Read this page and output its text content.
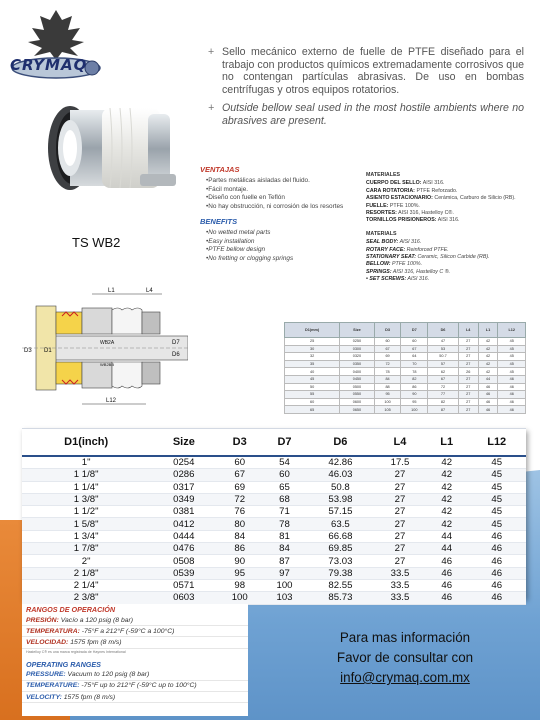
CRYMAQ

+ Sello mecánico externo de fuelle de PTFE diseñado para el trabajo con productos químicos extremadamente corrosivos que no contengan partículas abrasivas. De uso en bombas centrífugas y otros equipos rotatorios.

+ Outside bellow seal used in the most hostile ambients where no abrasives are present.

TS WB2
VENTAJAS
• Partes metálicas aisladas del fluido.
• Fácil montaje.
• Diseño con fuelle en Teflón
• No hay obstrucción, ni corrosión de los resortes
BENEFITS
• No wetted metal parts
• Easy installation
• PTFE bellow design
• No fretting or clogging springs
MATERIALES
CUERPO DEL SELLO: AISI 316.
CARA ROTATORIA: PTFE Reforzado.
ASIENTO ESTACIONARIO: Cerámica, Carburo de Silicio (RB).
FUELLE: PTFE 100%.
RESORTES: AISI 316, Hastelloy C®.
TORNILLOS PRISIONEROS: AISI 316.
MATERIALS
SEAL BODY: AISI 316.
ROTARY FACE: Reinforced PTFE.
STATIONARY SEAT: Ceramic, Silicon Carbide (RB).
BELLOW: PTFE 100%.
SPRINGS: AISI 316, Hastelloy C ®.
• SET SCREWS: AISI 316.
L1	L4
D3 D1
WB2A
WB2BB
D7
D6
L12
D1(mm)	Size	D3	D7	D6	L4	L1	L12
25	0250	60	60	47	27	42	45
30	0300	67	67	53	27	42	45
32	0320	69	64	50.7	27	42	45
35	0350	72	70	57	27	42	45
40	0400	78	78	62	26	42	45
45	0450	84	82	67	27	44	46
50	0500	88	86	72	27	46	46
55	0550	95	90	77	27	46	46
60	0600	100	95	82	27	46	46
65	0650	105	100	87	27	46	46
D1(inch)	Size	D3	D7	D6	L4	L1	L12
1"	0254	60	54	42.86	17.5	42	45
1 1/8"	0286	67	60	46.03	27	42	45
1 1/4"	0317	69	65	50.8	27	42	45
1 3/8"	0349	72	68	53.98	27	42	45
1 1/2"	0381	76	71	57.15	27	42	45
1 5/8"	0412	80	78	63.5	27	42	45
1 3/4"	0444	84	81	66.68	27	44	46
1 7/8"	0476	86	84	69.85	27	44	46
2"	0508	90	87	73.03	27	46	46
2 1/8"	0539	95	97	79.38	33.5	46	46
2 1/4"	0571	98	100	82.55	33.5	46	46
2 3/8"	0603	100	103	85.73	33.5	46	46
RANGOS DE OPERACIÓN
PRESIÓN: Vacío a 120 psig (8 bar)
TEMPERATURA: -75°F a 212°F (-59°C a 100°C)
VELOCIDAD: 1575 fpm (8 m/s)
Hastelloy C® es una marca registrada de Haynes International
OPERATING RANGES
PRESSURE: Vacuum to 120 psig (8 bar)
TEMPERATURE: -75°F up to 212°F (-59°C up to 100°C)
VELOCITY: 1575 fpm (8 m/s)
Para mas información
Favor de consultar con
info@crymaq.com.mx
